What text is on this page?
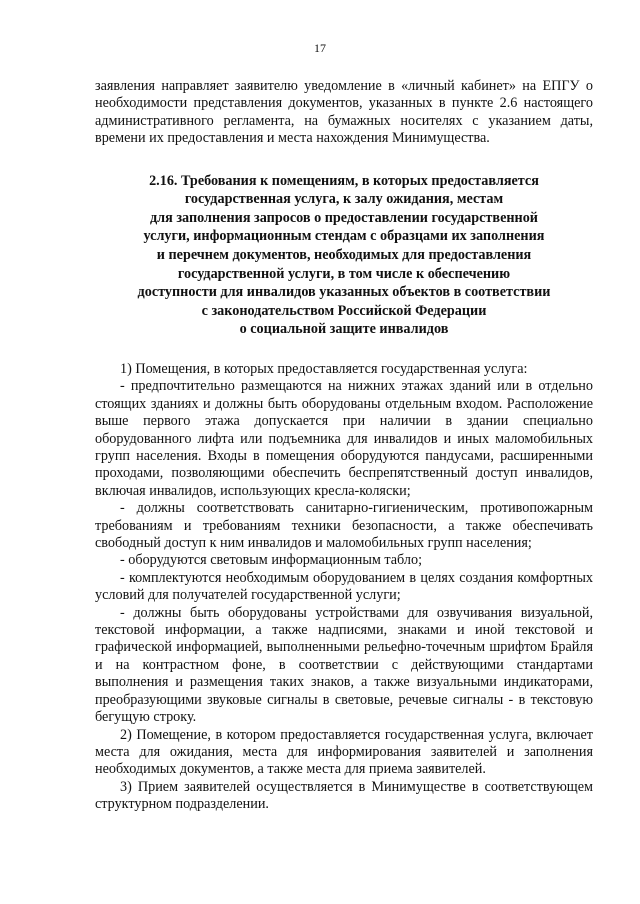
17

заявления направляет заявителю уведомление в «личный кабинет» на ЕПГУ о необходимости представления документов, указанных в пункте 2.6 настоящего административного регламента, на бумажных носителях с указанием даты, времени их предоставления и места нахождения Минимущества.

2.16. Требования к помещениям, в которых предоставляется
государственная услуга, к залу ожидания, местам
для заполнения запросов о предоставлении государственной
услуги, информационным стендам с образцами их заполнения
и перечнем документов, необходимых для предоставления
государственной услуги, в том числе к обеспечению
доступности для инвалидов указанных объектов в соответствии
с законодательством Российской Федерации
о социальной защите инвалидов

1) Помещения, в которых предоставляется государственная услуга:

- предпочтительно размещаются на нижних этажах зданий или в отдельно стоящих зданиях и должны быть оборудованы отдельным входом. Расположение выше первого этажа допускается при наличии в здании специально оборудованного лифта или подъемника для инвалидов и иных маломобильных групп населения. Входы в помещения оборудуются пандусами, расширенными проходами, позволяющими обеспечить беспрепятственный доступ инвалидов, включая инвалидов, использующих кресла-коляски;

- должны соответствовать санитарно-гигиеническим, противопожарным требованиям и требованиям техники безопасности, а также обеспечивать свободный доступ к ним инвалидов и маломобильных групп населения;

- оборудуются световым информационным табло;

- комплектуются необходимым оборудованием в целях создания комфортных условий для получателей государственной услуги;

- должны быть оборудованы устройствами для озвучивания визуальной, текстовой информации, а также надписями, знаками и иной текстовой и графической информацией, выполненными рельефно-точечным шрифтом Брайля и на контрастном фоне, в соответствии с действующими стандартами выполнения и размещения таких знаков, а также визуальными индикаторами, преобразующими звуковые сигналы в световые, речевые сигналы - в текстовую бегущую строку.

2) Помещение, в котором предоставляется государственная услуга, включает места для ожидания, места для информирования заявителей и заполнения необходимых документов, а также места для приема заявителей.

3) Прием заявителей осуществляется в Минимуществе в соответствующем структурном подразделении.
